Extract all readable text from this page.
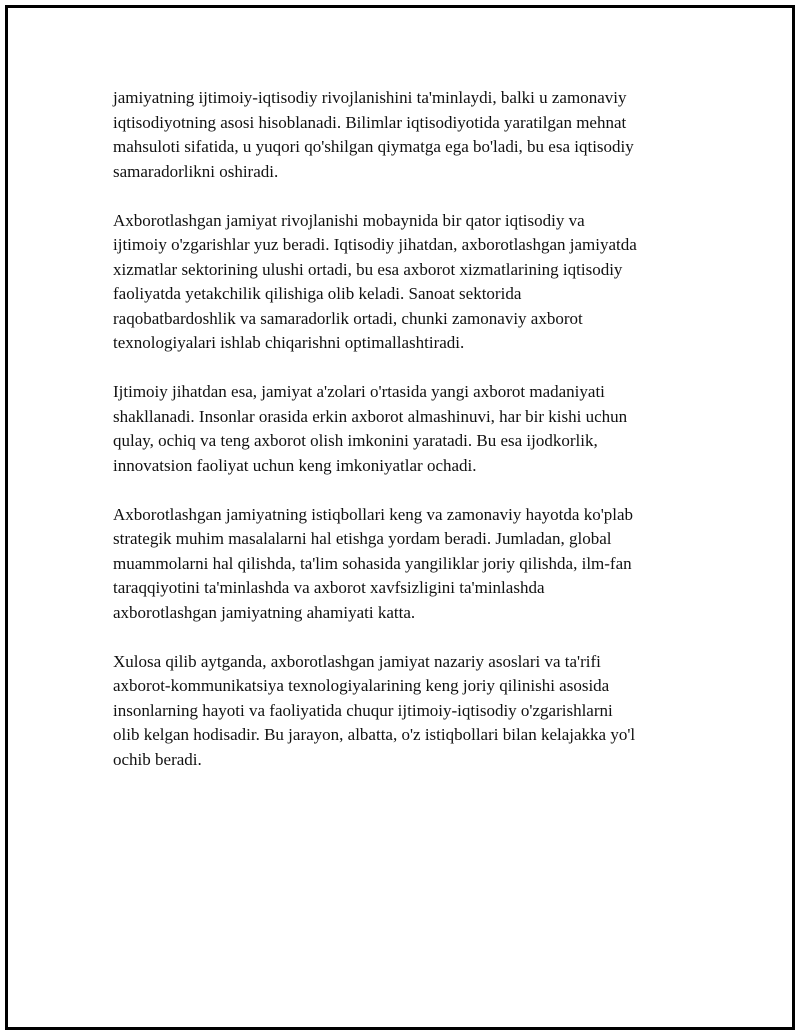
jamiyatning ijtimoiy-iqtisodiy rivojlanishini ta'minlaydi, balki u zamonaviy
iqtisodiyotning asosi hisoblanadi. Bilimlar iqtisodiyotida yaratilgan mehnat
mahsuloti sifatida, u yuqori qo'shilgan qiymatga ega bo'ladi, bu esa iqtisodiy
samaradorlikni oshiradi.

Axborotlashgan jamiyat rivojlanishi mobaynida bir qator iqtisodiy va
ijtimoiy o'zgarishlar yuz beradi. Iqtisodiy jihatdan, axborotlashgan jamiyatda
xizmatlar sektorining ulushi ortadi, bu esa axborot xizmatlarining iqtisodiy
faoliyatda yetakchilik qilishiga olib keladi. Sanoat sektorida
raqobatbardoshlik va samaradorlik ortadi, chunki zamonaviy axborot
texnologiyalari ishlab chiqarishni optimallashtiradi.

Ijtimoiy jihatdan esa, jamiyat a'zolari o'rtasida yangi axborot madaniyati
shakllanadi. Insonlar orasida erkin axborot almashinuvi, har bir kishi uchun
qulay, ochiq va teng axborot olish imkonini yaratadi. Bu esa ijodkorlik,
innovatsion faoliyat uchun keng imkoniyatlar ochadi.

Axborotlashgan jamiyatning istiqbollari keng va zamonaviy hayotda ko'plab
strategik muhim masalalarni hal etishga yordam beradi. Jumladan, global
muammolarni hal qilishda, ta'lim sohasida yangiliklar joriy qilishda, ilm-fan
taraqqiyotini ta'minlashda va axborot xavfsizligini ta'minlashda
axborotlashgan jamiyatning ahamiyati katta.

Xulosa qilib aytganda, axborotlashgan jamiyat nazariy asoslari va ta'rifi
axborot-kommunikatsiya texnologiyalarining keng joriy qilinishi asosida
insonlarning hayoti va faoliyatida chuqur ijtimoiy-iqtisodiy o'zgarishlarni
olib kelgan hodisadir. Bu jarayon, albatta, o'z istiqbollari bilan kelajakka yo'l
ochib beradi.
